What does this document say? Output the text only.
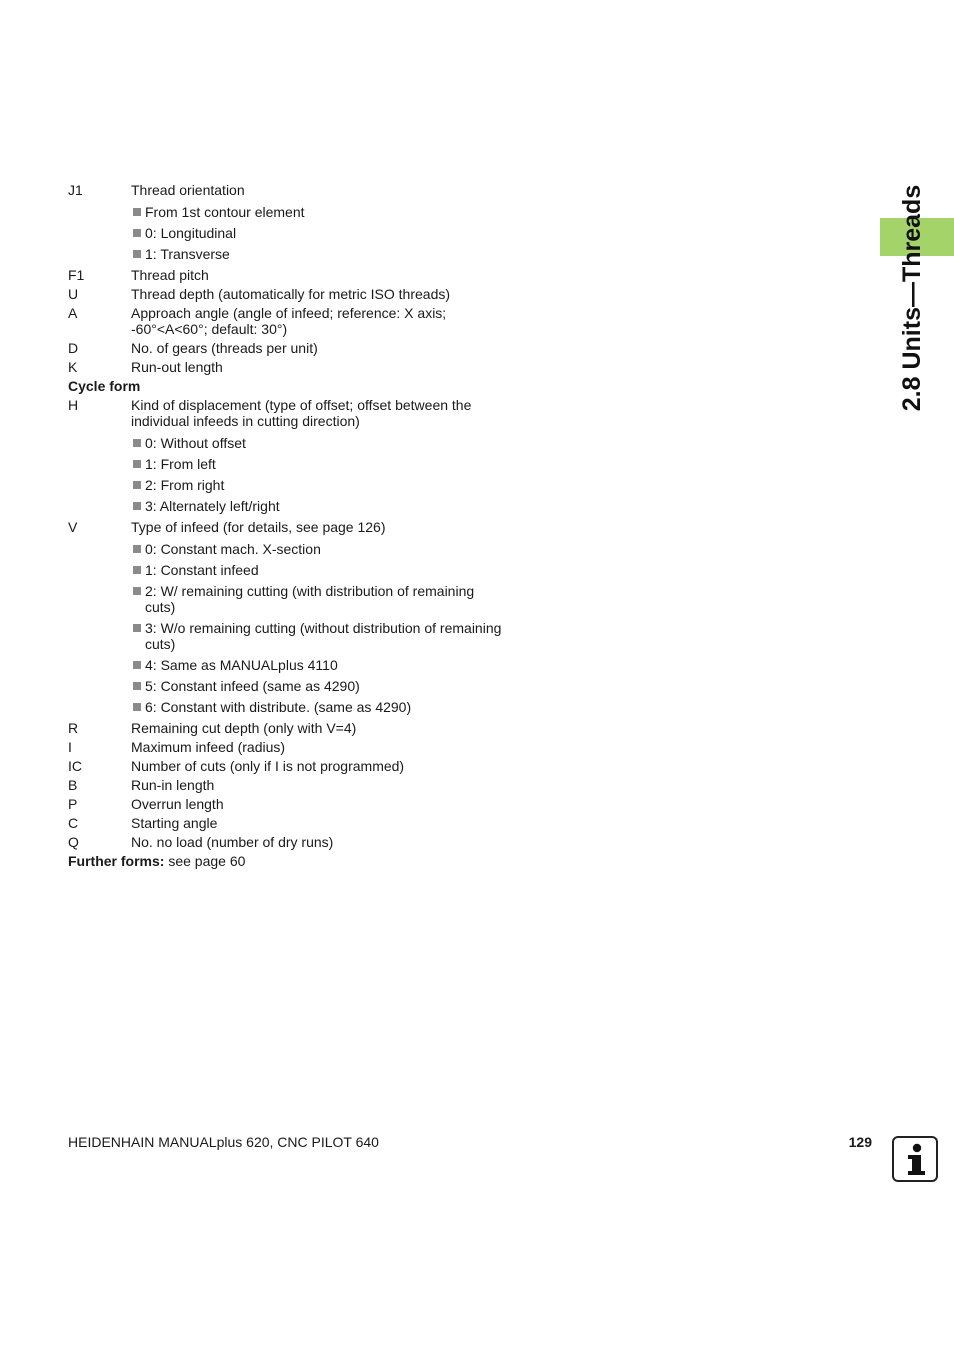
2.8 Units—Threads
J1	Thread orientation
From 1st contour element
0: Longitudinal
1: Transverse
F1	Thread pitch
U	Thread depth (automatically for metric ISO threads)
A	Approach angle (angle of infeed; reference: X axis; -60°<A<60°; default: 30°)
D	No. of gears (threads per unit)
K	Run-out length
Cycle form
H	Kind of displacement (type of offset; offset between the individual infeeds in cutting direction)
0: Without offset
1: From left
2: From right
3: Alternately left/right
V	Type of infeed (for details, see page 126)
0: Constant mach. X-section
1: Constant infeed
2: W/ remaining cutting (with distribution of remaining cuts)
3: W/o remaining cutting (without distribution of remaining cuts)
4: Same as MANUALplus 4110
5: Constant infeed (same as 4290)
6: Constant with distribute. (same as 4290)
R	Remaining cut depth (only with V=4)
I	Maximum infeed (radius)
IC	Number of cuts (only if I is not programmed)
B	Run-in length
P	Overrun length
C	Starting angle
Q	No. no load (number of dry runs)
Further forms: see page 60
HEIDENHAIN MANUALplus 620, CNC PILOT 640	129
